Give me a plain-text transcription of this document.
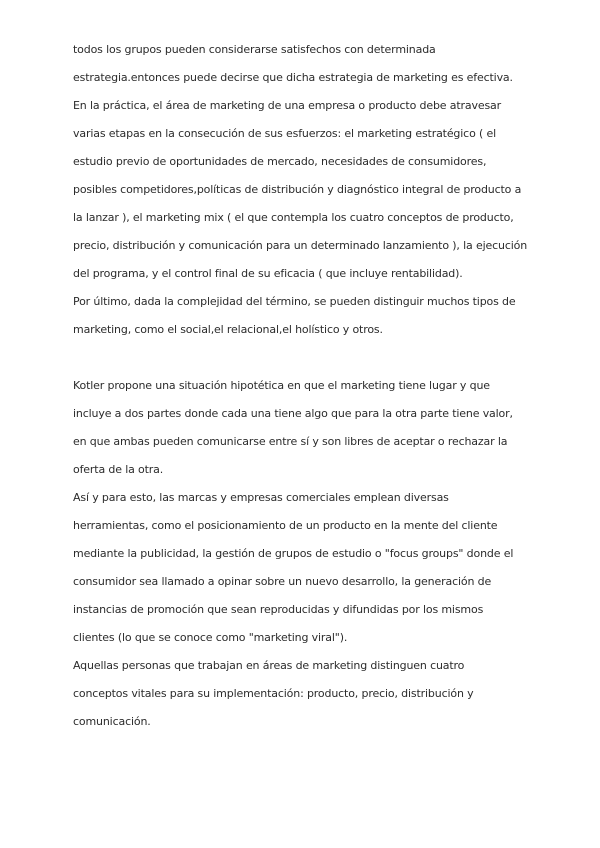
todos los grupos pueden considerarse satisfechos con determinada
estrategia.entonces puede decirse que dicha estrategia de marketing es efectiva.
En la práctica, el área de marketing de una empresa o producto debe atravesar
varias etapas en la consecución de sus esfuerzos: el marketing estratégico ( el
estudio previo de oportunidades de mercado, necesidades de consumidores,
posibles competidores,políticas de distribución y diagnóstico integral de producto a
la lanzar ), el marketing mix ( el que contempla los cuatro conceptos de producto,
precio, distribución y comunicación para un determinado lanzamiento ), la ejecución
del programa, y el control final de su eficacia ( que incluye rentabilidad).
Por último, dada la complejidad del término, se pueden distinguir muchos tipos de
marketing, como el social,el relacional,el holístico y otros.
Kotler propone una situación hipotética en que el marketing tiene lugar y que
incluye a dos partes donde cada una tiene algo que para la otra parte tiene valor,
en que ambas pueden comunicarse entre sí y son libres de aceptar o rechazar la
oferta de la otra.
Así y para esto, las marcas y empresas comerciales emplean diversas
herramientas, como el posicionamiento de un producto en la mente del cliente
mediante la publicidad, la gestión de grupos de estudio o "focus groups" donde el
consumidor sea llamado a opinar sobre un nuevo desarrollo, la generación de
instancias de promoción que sean reproducidas y difundidas por los mismos
clientes (lo que se conoce como "marketing viral").
Aquellas personas que trabajan en áreas de marketing distinguen cuatro
conceptos vitales para su implementación: producto, precio, distribución y
comunicación.
